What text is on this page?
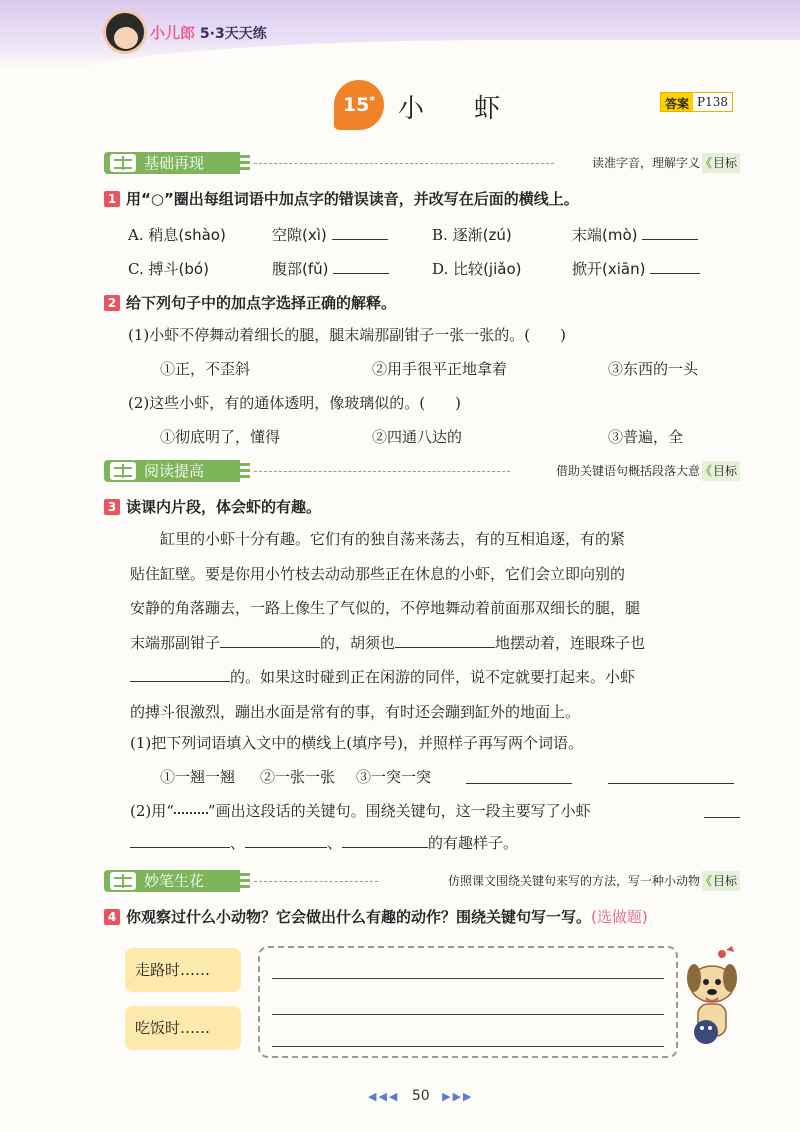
小儿郎 5·3天天练
15* 小虾	答案 P138
基础再现	读准字音，理解字义	《 目标
1 用“○”圈出每组词语中加点字的错误读音，并改写在后面的横线上。
A. 稍息(shào)	空隙(xì)	B. 逐渐(zú)	末端(mò)
C. 搏斗(bó)	腹部(fǔ)	D. 比较(jiǎo)	掀开(xiān)
2 给下列句子中的加点字选择正确的解释。
(1)小虾不停舞动着细长的腿，腿末端那副钳子一张一张的。(　　)
①正，不歪斜	②用手很平正地拿着	③东西的一头
(2)这些小虾，有的通体透明，像玻璃似的。(　　)
①彻底明了，懂得	②四通八达的	③普遍，全
阅读提高	借助关键语句概括段落大意	《 目标
3 读课内片段，体会虾的有趣。
缸里的小虾十分有趣。它们有的独自荡来荡去，有的互相追逐，有的紧
贴住缸壁。要是你用小竹枝去动动那些正在休息的小虾，它们会立即向别的
安静的角落蹦去，一路上像生了气似的，不停地舞动着前面那双细长的腿，腿
末端那副钳子	的，胡须也	地摆动着，连眼珠子也
的。如果这时碰到正在闲游的同伴，说不定就要打起来。小虾
的搏斗很激烈，蹦出水面是常有的事，有时还会蹦到缸外的地面上。
(1)把下列词语填入文中的横线上(填序号)，并照样子再写两个词语。
①一翘一翘 ②一张一张 ③一突一突
(2)用“ ”画出这段话的关键句。围绕关键句，这一段主要写了小虾
、	、	的有趣样子。
妙笔生花	仿照课文围绕关键句来写的方法，写一种小动物	《 目标
4 你观察过什么小动物？它会做出什么有趣的动作？围绕关键句写一写。(选做题)
走路时……
吃饭时……
◀◀◀ 50 ▶▶▶
